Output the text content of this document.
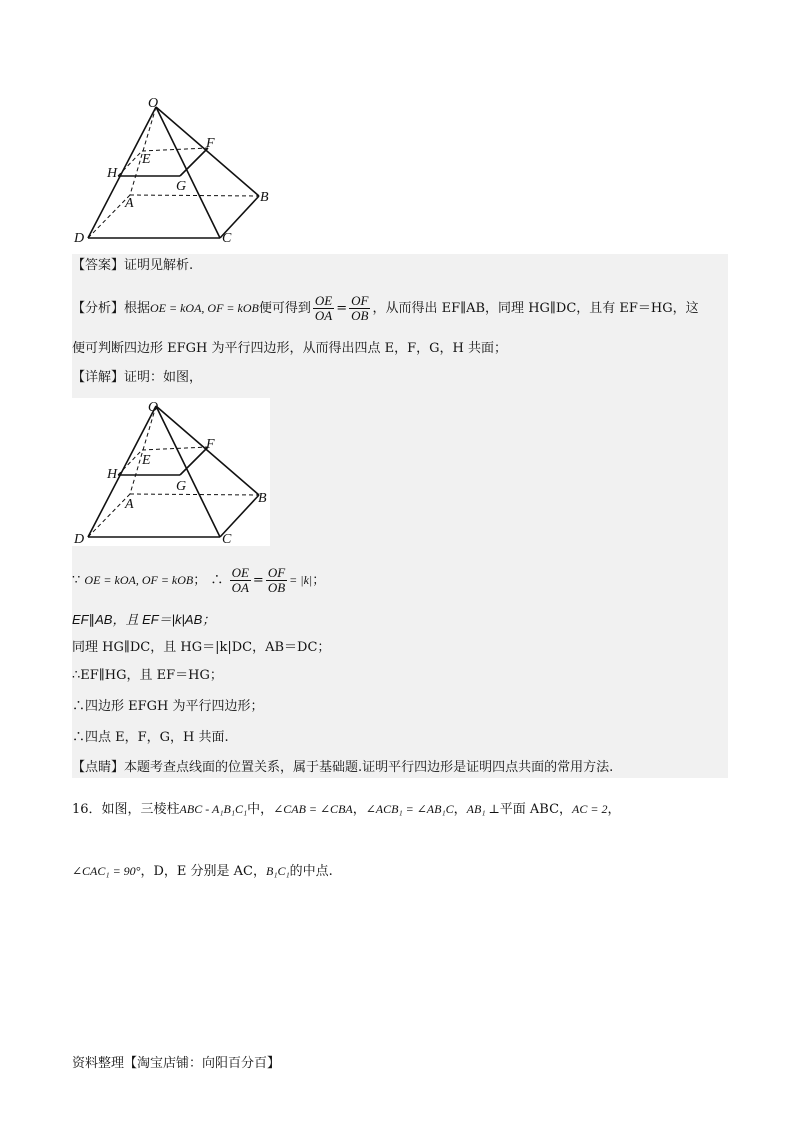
O
F
E
H
G
B
A
D	C
【答案】证明见解析.
【分析】根据OE = kOA, OF = kOB便可得到 $\frac{OE}{OA} = \frac{OF}{OB}$ ，从而得出 EF∥AB，同理 HG∥DC，且有 EF＝HG，这
便可判断四边形 EFGH 为平行四边形，从而得出四点 E，F，G，H 共面；
【详解】证明：如图，
O
F
E
H
G
B
A
D	C
∵ OE = kOA, OF = kOB； ∴ $\frac{OE}{OA} = \frac{OF}{OB} = |k|$；
EF∥AB，且 EF＝|k|AB；
同理 HG∥DC，且 HG＝|k|DC，AB＝DC；
∴EF∥HG，且 EF＝HG；
∴四边形 EFGH 为平行四边形；
∴四点 E，F，G，H 共面.
【点睛】本题考查点线面的位置关系，属于基础题.证明平行四边形是证明四点共面的常用方法.
16．如图，三棱柱ABC - A₁B₁C₁中，∠CAB = ∠CBA，∠ACB₁ = ∠AB₁C，AB₁ ⊥平面 ABC，AC = 2，
∠CAC₁ = 90°，D，E 分别是 AC，B₁C₁的中点.
资料整理【淘宝店铺：向阳百分百】
